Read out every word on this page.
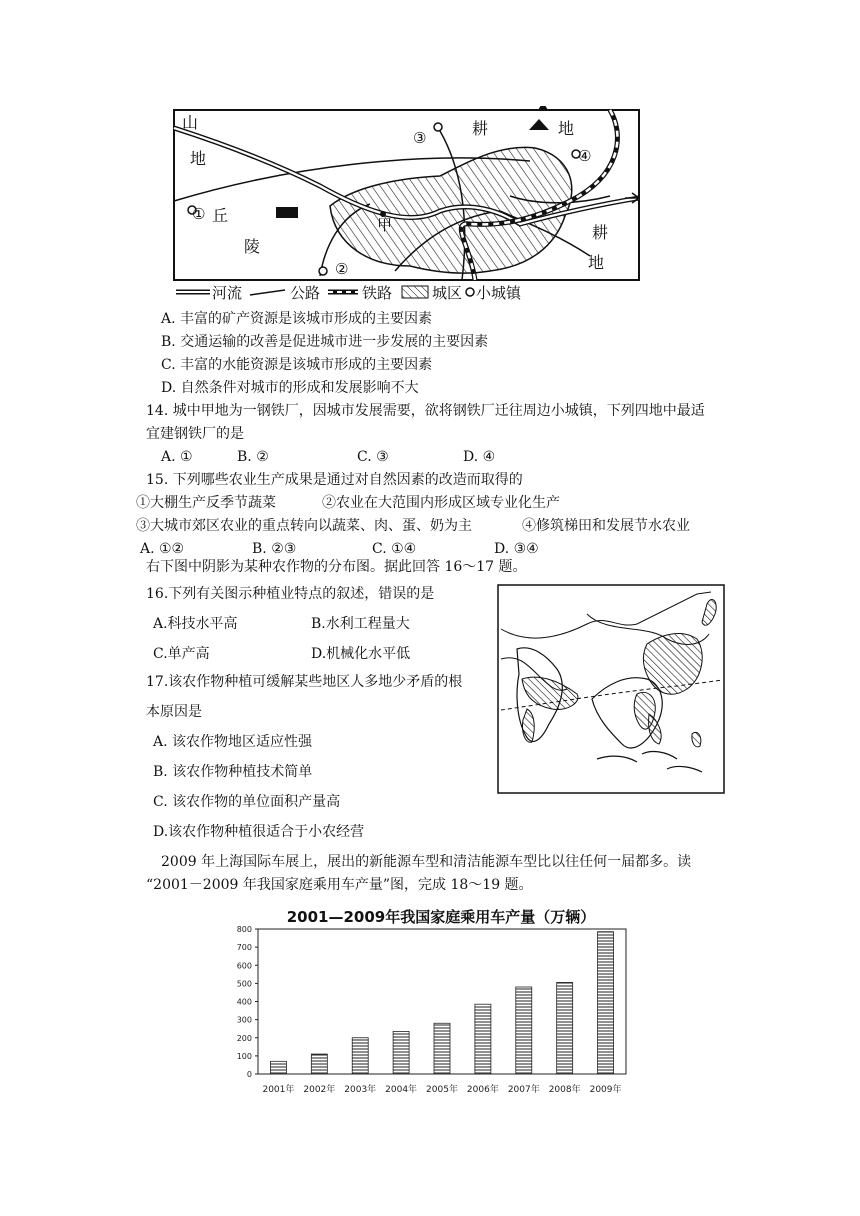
山
地
③	耕	地
④
① 丘	甲
陵
耕
②	地
河流	公路	铁路	城区 小城镇
A. 丰富的矿产资源是该城市形成的主要因素
B. 交通运输的改善是促进城市进一步发展的主要因素
C. 丰富的水能资源是该城市形成的主要因素
D. 自然条件对城市的形成和发展影响不大
14. 城中甲地为一钢铁厂，因城市发展需要，欲将钢铁厂迁往周边小城镇，下列四地中最适
宜建钢铁厂的是
A. ①	B. ②	C. ③	D. ④
15. 下列哪些农业生产成果是通过对自然因素的改造而取得的
①大棚生产反季节蔬菜	②农业在大范围内形成区域专业化生产
③大城市郊区农业的重点转向以蔬菜、肉、蛋、奶为主	④修筑梯田和发展节水农业
A. ①②	B. ②③	C. ①④	D. ③④
右下图中阴影为某种农作物的分布图。据此回答 16～17 题。
16.下列有关图示种植业特点的叙述，错误的是
A.科技水平高	B.水利工程量大
C.单产高	D.机械化水平低
17.该农作物种植可缓解某些地区人多地少矛盾的根
本原因是
A. 该农作物地区适应性强
B. 该农作物种植技术简单
C. 该农作物的单位面积产量高
D.该农作物种植很适合于小农经营
2009 年上海国际车展上，展出的新能源车型和清洁能源车型比以往任何一届都多。读
“2001－2009 年我国家庭乘用车产量”图，完成 18～19 题。
2001—2009年我国家庭乘用车产量（万辆）
0
100
200
300
400
500
600
700
800
2001年 2002年 2003年 2004年 2005年 2006年 2007年 2008年 2009年
